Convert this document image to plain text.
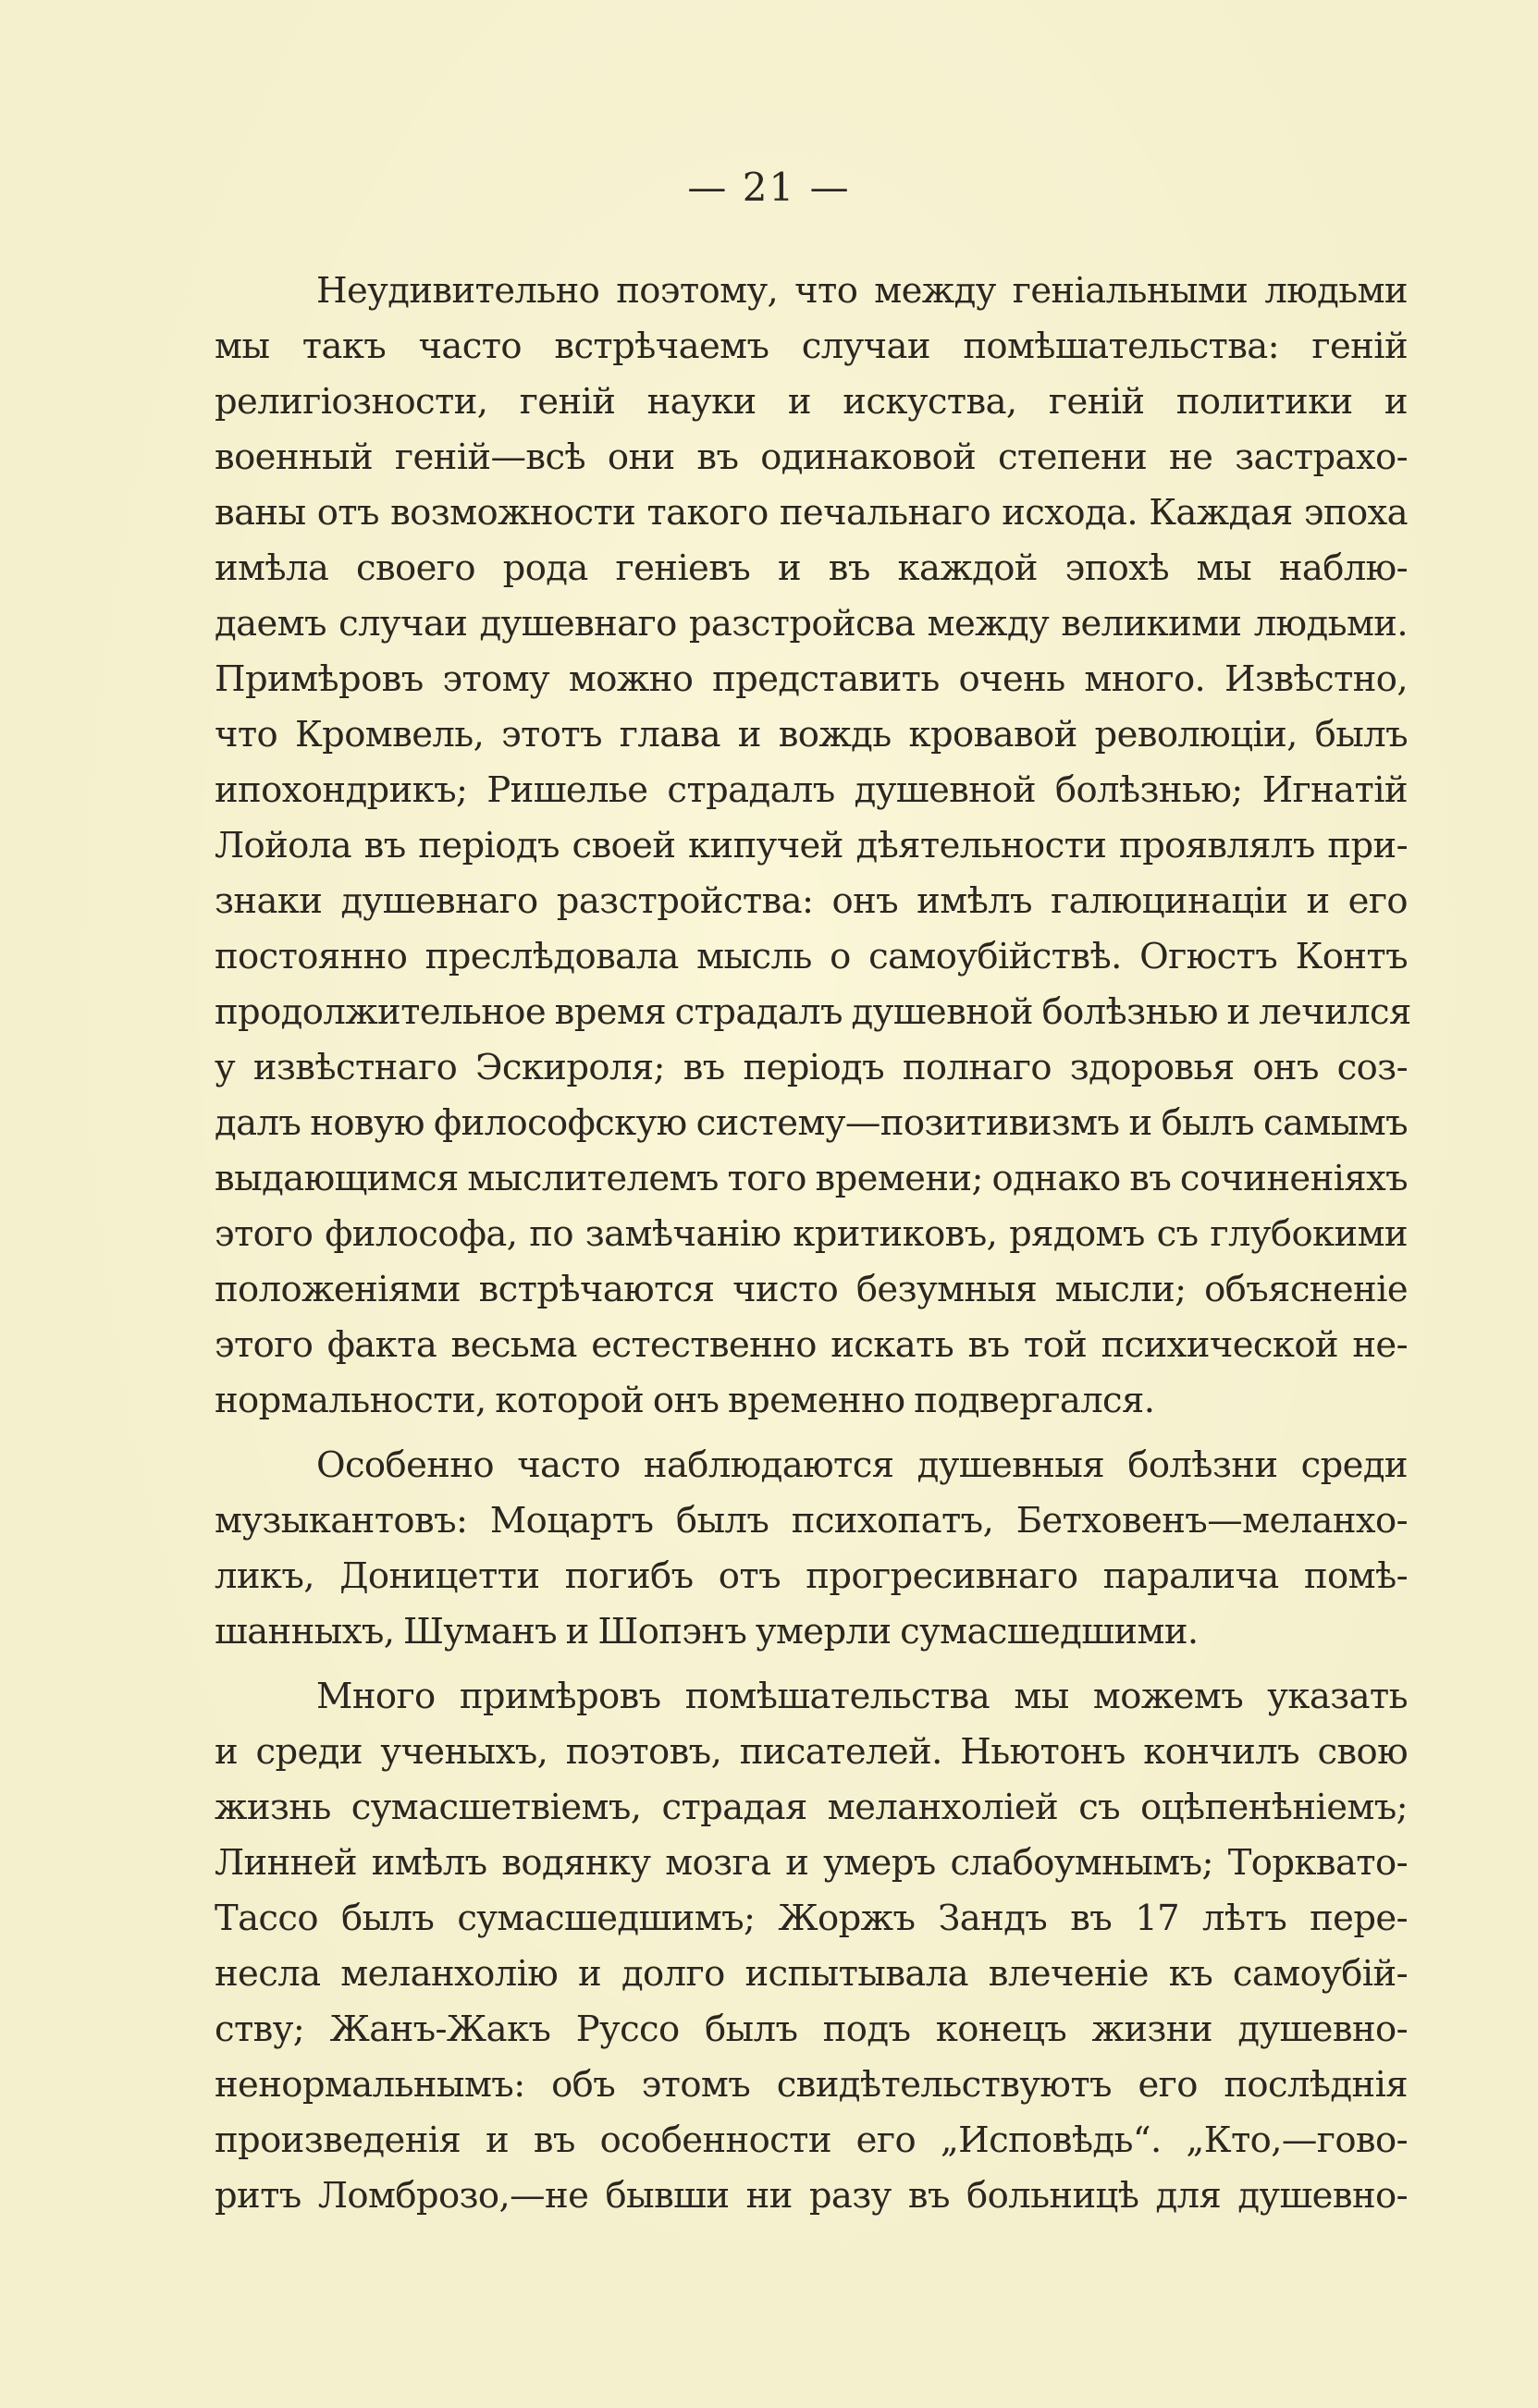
— 21 —
Неудивительно поэтому, что между геніальными людьми
мы такъ часто встрѣчаемъ случаи помѣшательства: геній
религіозности, геній науки и искуства, геній политики и
военный геній—всѣ они въ одинаковой степени не застрахо-
ваны отъ возможности такого печальнаго исхода. Каждая эпоха
имѣла своего рода геніевъ и въ каждой эпохѣ мы наблю-
даемъ случаи душевнаго разстройсва между великими людьми.
Примѣровъ этому можно представить очень много. Извѣстно,
что Кромвель, этотъ глава и вождь кровавой революціи, былъ
ипохондрикъ; Ришелье страдалъ душевной болѣзнью; Игнатій
Лойола въ періодъ своей кипучей дѣятельности проявлялъ при-
знаки душевнаго разстройства: онъ имѣлъ галюцинаціи и его
постоянно преслѣдовала мысль о самоубійствѣ. Огюстъ Контъ
продолжительное время страдалъ душевной болѣзнью и лечился
у извѣстнаго Эскироля; въ періодъ полнаго здоровья онъ соз-
далъ новую философскую систему—позитивизмъ и былъ самымъ
выдающимся мыслителемъ того времени; однако въ сочиненіяхъ
этого философа, по замѣчанію критиковъ, рядомъ съ глубокими
положеніями встрѣчаются чисто безумныя мысли; объясненіе
этого факта весьма естественно искать въ той психической не-
нормальности, которой онъ временно подвергался.
Особенно часто наблюдаются душевныя болѣзни среди
музыкантовъ: Моцартъ былъ психопатъ, Бетховенъ—меланхо-
ликъ, Доницетти погибъ отъ прогресивнаго паралича помѣ-
шанныхъ, Шуманъ и Шопэнъ умерли сумасшедшими.
Много примѣровъ помѣшательства мы можемъ указать
и среди ученыхъ, поэтовъ, писателей. Ньютонъ кончилъ свою
жизнь сумасшетвіемъ, страдая меланхоліей съ оцѣпенѣніемъ;
Линней имѣлъ водянку мозга и умеръ слабоумнымъ; Торквато-
Тассо былъ сумасшедшимъ; Жоржъ Зандъ въ 17 лѣтъ пере-
несла меланхолію и долго испытывала влеченіе къ самоубій-
ству; Жанъ-Жакъ Руссо былъ подъ конецъ жизни душевно-
ненормальнымъ: объ этомъ свидѣтельствуютъ его послѣднія
произведенія и въ особенности его „Исповѣдь“. „Кто,—гово-
ритъ Ломброзо,—не бывши ни разу въ больницѣ для душевно-
